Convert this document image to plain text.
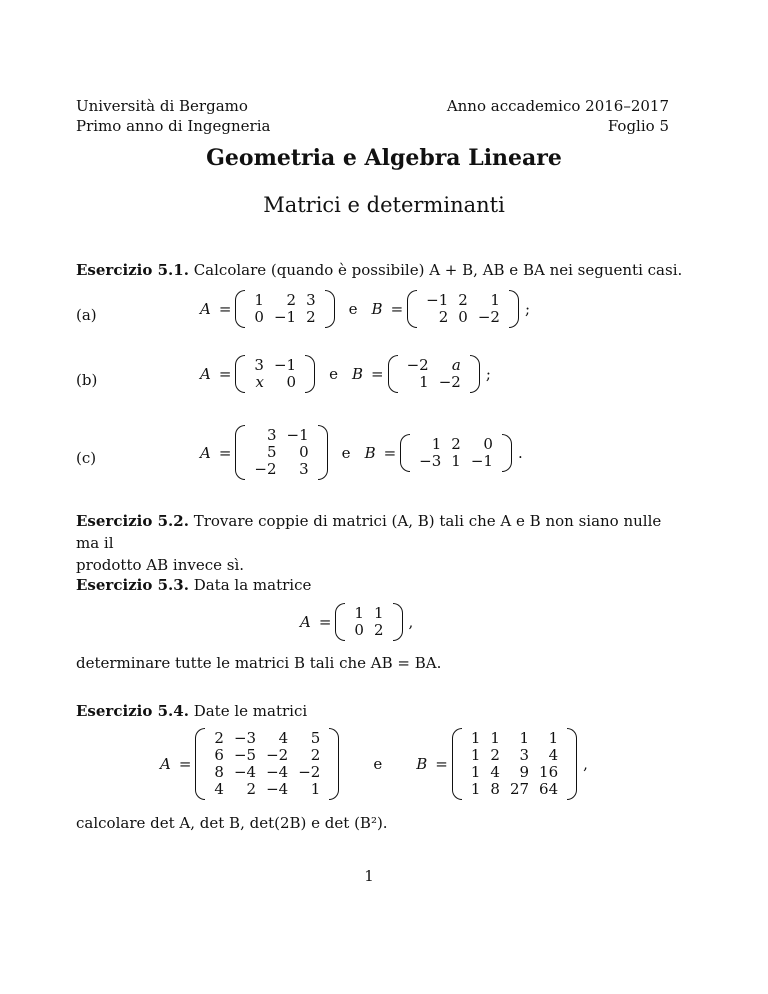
Università di Bergamo
Primo anno di Ingegneria
Anno accademico 2016–2017
Foglio 5
Geometria e Algebra Lineare
Matrici e determinanti
Esercizio 5.1. Calcolare (quando è possibile) A + B, AB e BA nei seguenti casi.
(a)	A = 1	2	3
0	−1	2 e B = −1	2	1
2	0	−2 ;
(b)	A = 3	−1
x	0 e B = −2	a
1	−2 ;
(c)	A =
3	−1
5	0
−2	3
e B = 1	2	0
−3	1	−1 .
Esercizio 5.2. Trovare coppie di matrici (A, B) tali che A e B non siano nulle ma il
prodotto AB invece sì.
Esercizio 5.3. Data la matrice
A = 1	1
0	2 ,
determinare tutte le matrici B tali che AB = BA.
Esercizio 5.4. Date le matrici
A =
2	−3	4	5
6	−5	−2	2
8	−4	−4	−2
4	2	−4	1
e B =
1	1	1	1
1	2	3	4
1	4	9	16
1	8	27	64
,
calcolare det A, det B, det(2B) e det (B²).
1
